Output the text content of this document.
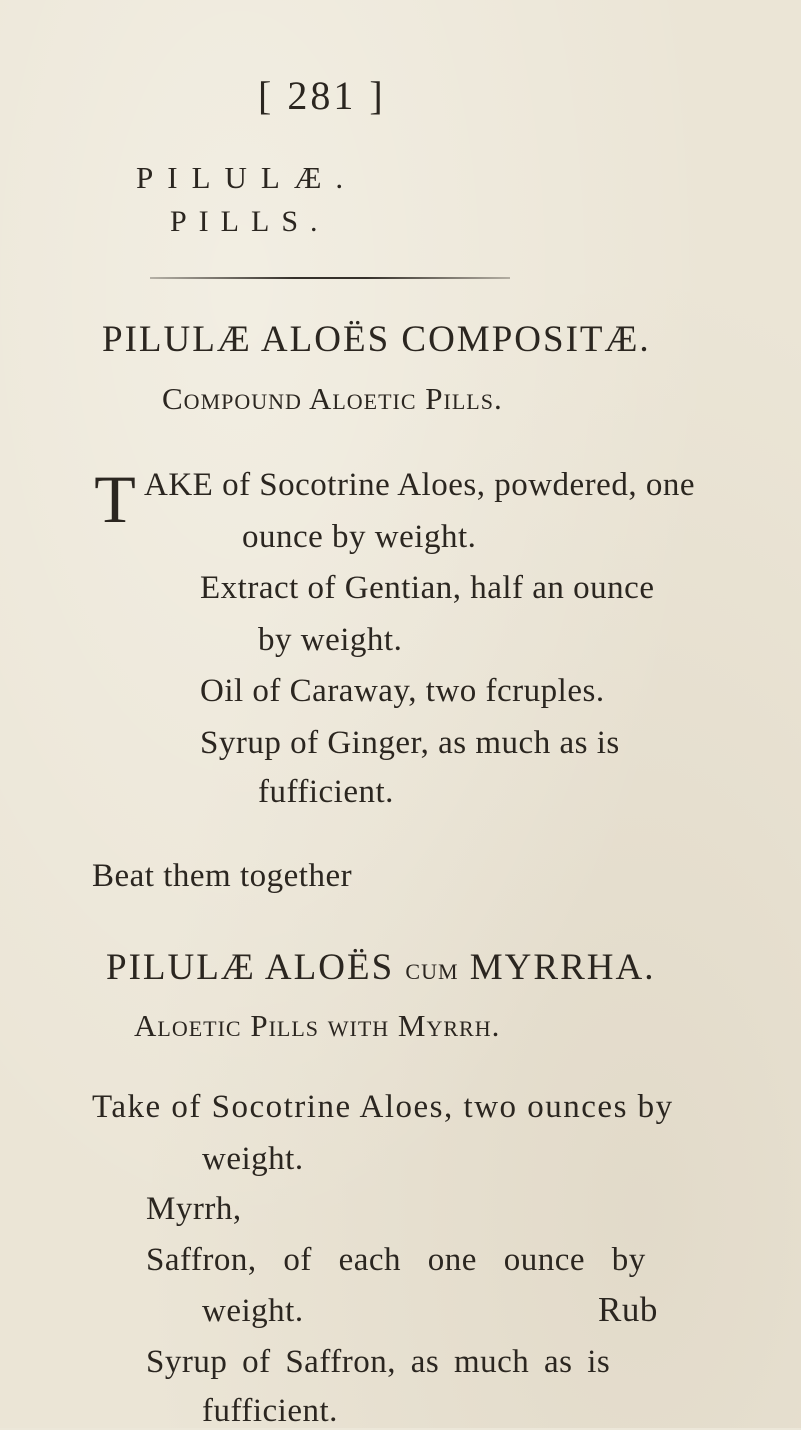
[ 281 ]
PILULÆ.
PILLS.
PILULÆ ALOËS COMPOSITÆ.
Compound Aloetic Pills.
T AKE of Socotrine Aloes, powdered, one
ounce by weight.
Extract of Gentian, half an ounce
by weight.
Oil of Caraway, two fcruples.
Syrup of Ginger, as much as is
fufficient.
Beat them together
PILULÆ ALOËS CUM MYRRHA.
Aloetic Pills with Myrrh.
Take of Socotrine Aloes, two ounces by
weight.
Myrrh,
Saffron, of each one ounce by
weight.
Syrup of Saffron, as much as is
fufficient.
Rub
